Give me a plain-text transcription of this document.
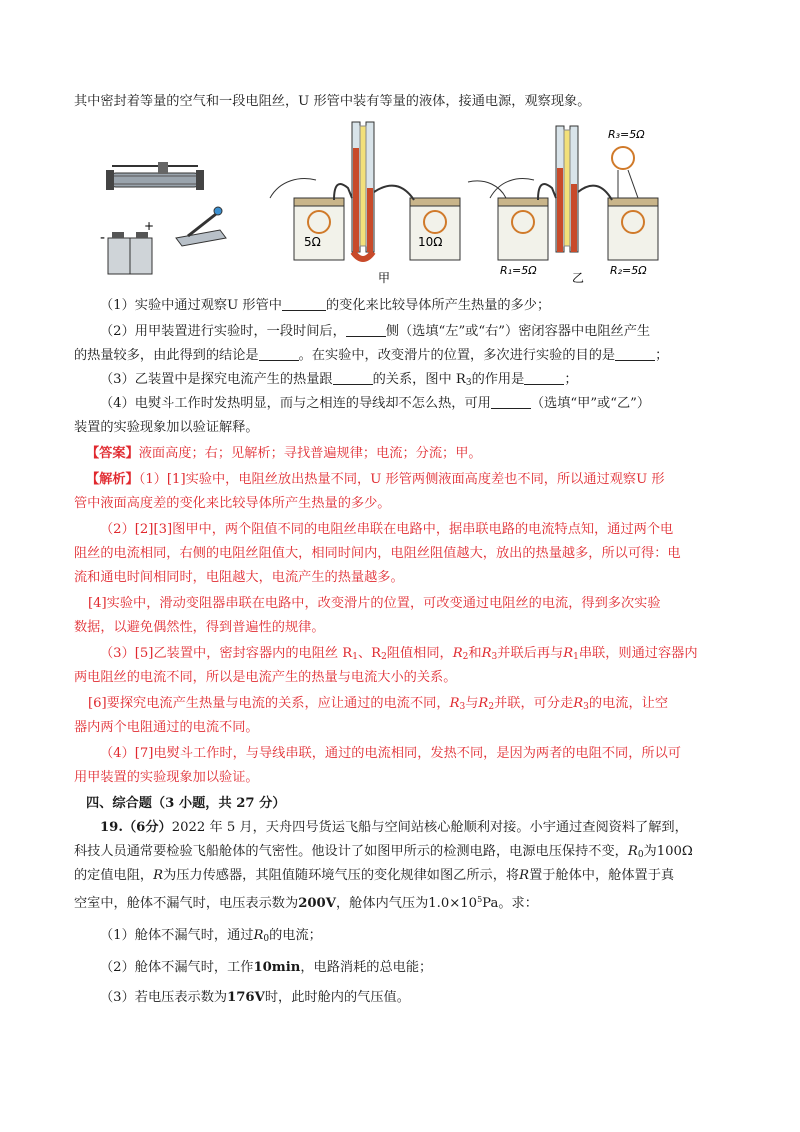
其中密封着等量的空气和一段电阻丝，U 形管中装有等量的液体，接通电源，观察现象。
-
+
5Ω	10Ω
甲
R₃=5Ω
R₁=5Ω	R₂=5Ω
乙
（1）实验中通过观察U 形管中	的变化来比较导体所产生热量的多少；
（2）用甲装置进行实验时，一段时间后，	侧（选填“左”或“右”）密闭容器中电阻丝产生
的热量较多，由此得到的结论是	。在实验中，改变滑片的位置，多次进行实验的目的是	；
（3）乙装置中是探究电流产生的热量跟	的关系，图中 $R_3$的作用是	；
（4）电熨斗工作时发热明显，而与之相连的导线却不怎么热，可用	（选填“甲”或“乙”）
装置的实验现象加以验证解释。
【答案】液面高度；右；见解析；寻找普遍规律；电流；分流；甲。
【解析】（1）[1]实验中，电阻丝放出热量不同，U 形管两侧液面高度差也不同，所以通过观察U 形
管中液面高度差的变化来比较导体所产生热量的多少。
（2）[2][3]图甲中，两个阻值不同的电阻丝串联在电路中，据串联电路的电流特点知，通过两个电
阻丝的电流相同，右侧的电阻丝阻值大，相同时间内，电阻丝阻值越大，放出的热量越多，所以可得：电
流和通电时间相同时，电阻越大，电流产生的热量越多。
[4]实验中，滑动变阻器串联在电路中，改变滑片的位置，可改变通过电阻丝的电流，得到多次实验
数据，以避免偶然性，得到普遍性的规律。
（3）[5]乙装置中，密封容器内的电阻丝 $R_1$、$R_2$阻值相同，$R_2$和$R_3$并联后再与$R_1$串联，则通过容器内
两电阻丝的电流不同，所以是电流产生的热量与电流大小的关系。
[6]要探究电流产生热量与电流的关系，应让通过的电流不同，$R_3$与$R_2$并联，可分走$R_3$的电流，让空
器内两个电阻通过的电流不同。
（4）[7]电熨斗工作时，与导线串联，通过的电流相同，发热不同，是因为两者的电阻不同，所以可
用甲装置的实验现象加以验证。
四、综合题（3 小题，共 27 分）
19.（6分）2022 年 5 月，天舟四号货运飞船与空间站核心舱顺利对接。小宇通过查阅资料了解到，
科技人员通常要检验飞船舱体的气密性。他设计了如图甲所示的检测电路，电源电压保持不变，$R_0$为100Ω
的定值电阻，R为压力传感器，其阻值随环境气压的变化规律如图乙所示，将R置于舱体中，舱体置于真
空室中，舱体不漏气时，电压表示数为200V，舱体内气压为$1.0\times 10^5Pa$。求：
（1）舱体不漏气时，通过$R_0$的电流；
（2）舱体不漏气时，工作10min，电路消耗的总电能；
（3）若电压表示数为176V时，此时舱内的气压值。
